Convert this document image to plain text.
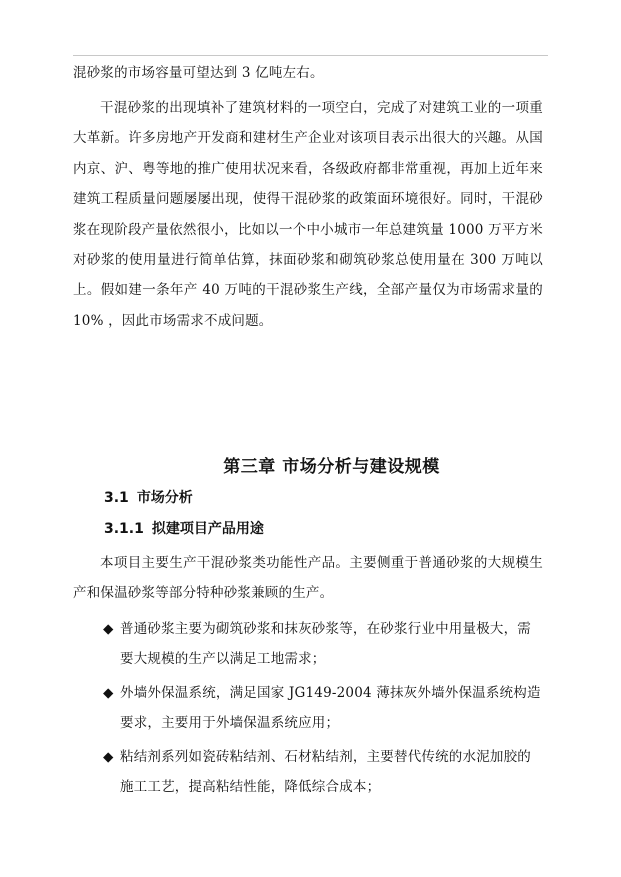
混砂浆的市场容量可望达到 3 亿吨左右。

干混砂浆的出现填补了建筑材料的一项空白，完成了对建筑工业的一项重大革新。许多房地产开发商和建材生产企业对该项目表示出很大的兴趣。从国内京、沪、粤等地的推广使用状况来看，各级政府都非常重视，再加上近年来建筑工程质量问题屡屡出现，使得干混砂浆的政策面环境很好。同时，干混砂浆在现阶段产量依然很小，比如以一个中小城市一年总建筑量 1000 万平方米对砂浆的使用量进行简单估算，抹面砂浆和砌筑砂浆总使用量在 300 万吨以上。假如建一条年产 40 万吨的干混砂浆生产线，全部产量仅为市场需求量的 10% ，因此市场需求不成问题。

第三章 市场分析与建设规模
3.1 市场分析
3.1.1 拟建项目产品用途

本项目主要生产干混砂浆类功能性产品。主要侧重于普通砂浆的大规模生产和保温砂浆等部分特种砂浆兼顾的生产。

◆ 普通砂浆主要为砌筑砂浆和抹灰砂浆等，在砂浆行业中用量极大，需要大规模的生产以满足工地需求；
◆ 外墙外保温系统，满足国家 JG149-2004 薄抹灰外墙外保温系统构造要求，主要用于外墙保温系统应用；
◆ 粘结剂系列如瓷砖粘结剂、石材粘结剂，主要替代传统的水泥加胶的施工工艺，提高粘结性能，降低综合成本；
